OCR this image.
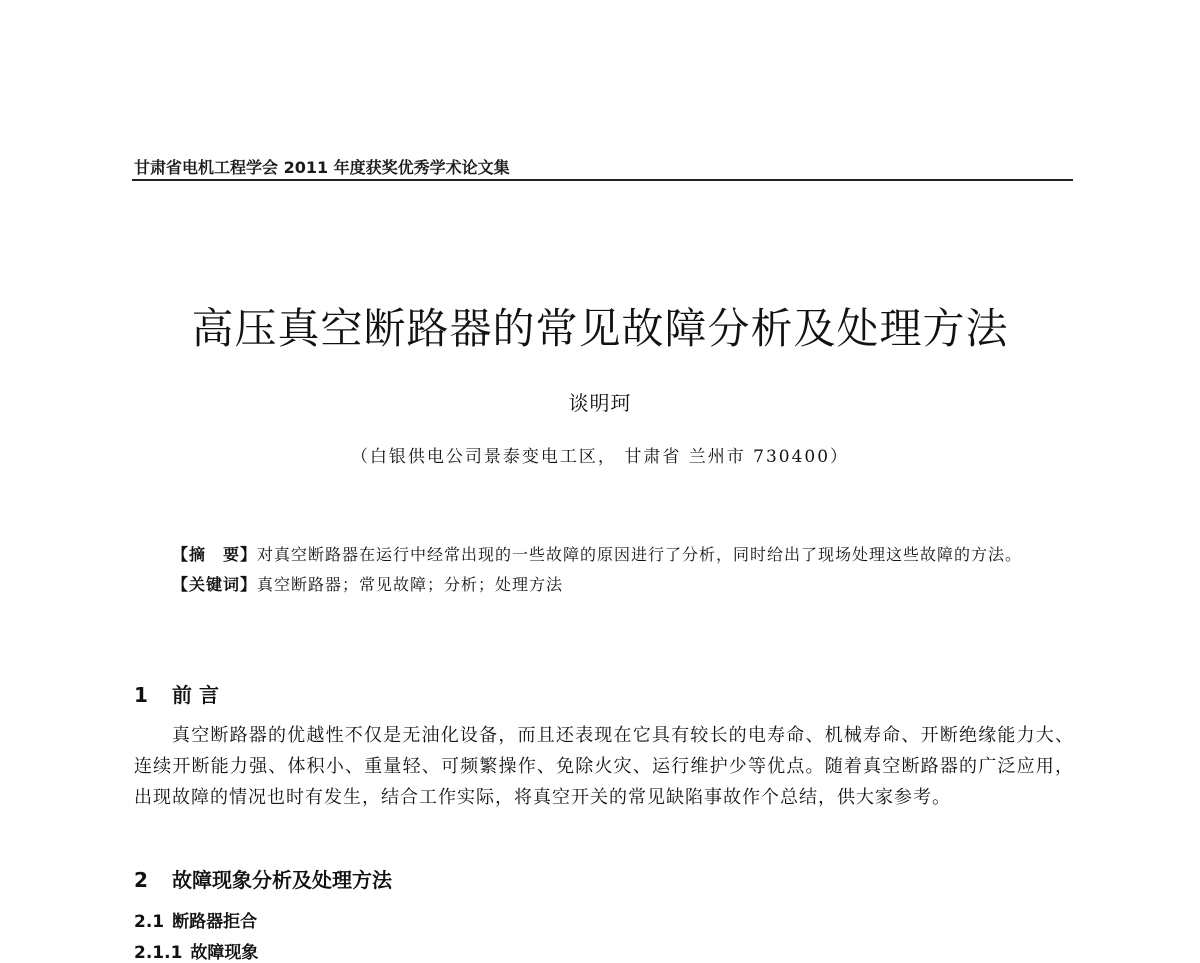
甘肃省电机工程学会 2011 年度获奖优秀学术论文集
高压真空断路器的常见故障分析及处理方法
谈明珂
（白银供电公司景泰变电工区， 甘肃省 兰州市 730400）

【摘　要】对真空断路器在运行中经常出现的一些故障的原因进行了分析，同时给出了现场处理这些故障的方法。

【关键词】真空断路器；常见故障；分析；处理方法

1 前 言

真空断路器的优越性不仅是无油化设备，而且还表现在它具有较长的电寿命、机械寿命、开断绝缘能力大、连续开断能力强、体积小、重量轻、可频繁操作、免除火灾、运行维护少等优点。随着真空断路器的广泛应用，出现故障的情况也时有发生，结合工作实际，将真空开关的常见缺陷事故作个总结，供大家参考。

2 故障现象分析及处理方法
2.1 断路器拒合
2.1.1 故障现象
